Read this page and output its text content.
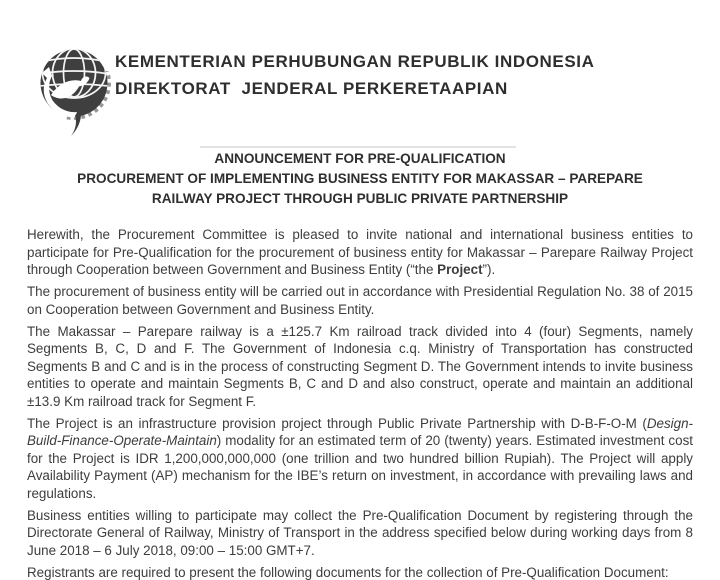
KEMENTERIAN PERHUBUNGAN REPUBLIK INDONESIA
DIREKTORAT  JENDERAL PERKERETAAPIAN
ANNOUNCEMENT FOR PRE-QUALIFICATION
PROCUREMENT OF IMPLEMENTING BUSINESS ENTITY FOR MAKASSAR – PAREPARE
RAILWAY PROJECT THROUGH PUBLIC PRIVATE PARTNERSHIP

Herewith, the Procurement Committee is pleased to invite national and international business entities to participate for Pre-Qualification for the procurement of business entity for Makassar – Parepare Railway Project through Cooperation between Government and Business Entity (“the Project”).

The procurement of business entity will be carried out in accordance with Presidential Regulation No. 38 of 2015 on Cooperation between Government and Business Entity.

The Makassar – Parepare railway is a ±125.7 Km railroad track divided into 4 (four) Segments, namely Segments B, C, D and F. The Government of Indonesia c.q. Ministry of Transportation has constructed Segments B and C and is in the process of constructing Segment D. The Government intends to invite business entities to operate and maintain Segments B, C and D and also construct, operate and maintain an additional ±13.9 Km railroad track for Segment F.

The Project is an infrastructure provision project through Public Private Partnership with D-B-F-O-M (Design-Build-Finance-Operate-Maintain) modality for an estimated term of 20 (twenty) years. Estimated investment cost for the Project is IDR 1,200,000,000,000 (one trillion and two hundred billion Rupiah). The Project will apply Availability Payment (AP) mechanism for the IBE’s return on investment, in accordance with prevailing laws and regulations.

Business entities willing to participate may collect the Pre-Qualification Document by registering through the Directorate General of Railway, Ministry of Transport in the address specified below during working days from 8 June 2018 – 6 July 2018, 09:00 – 15:00 GMT+7.

Registrants are required to present the following documents for the collection of Pre-Qualification Document:
